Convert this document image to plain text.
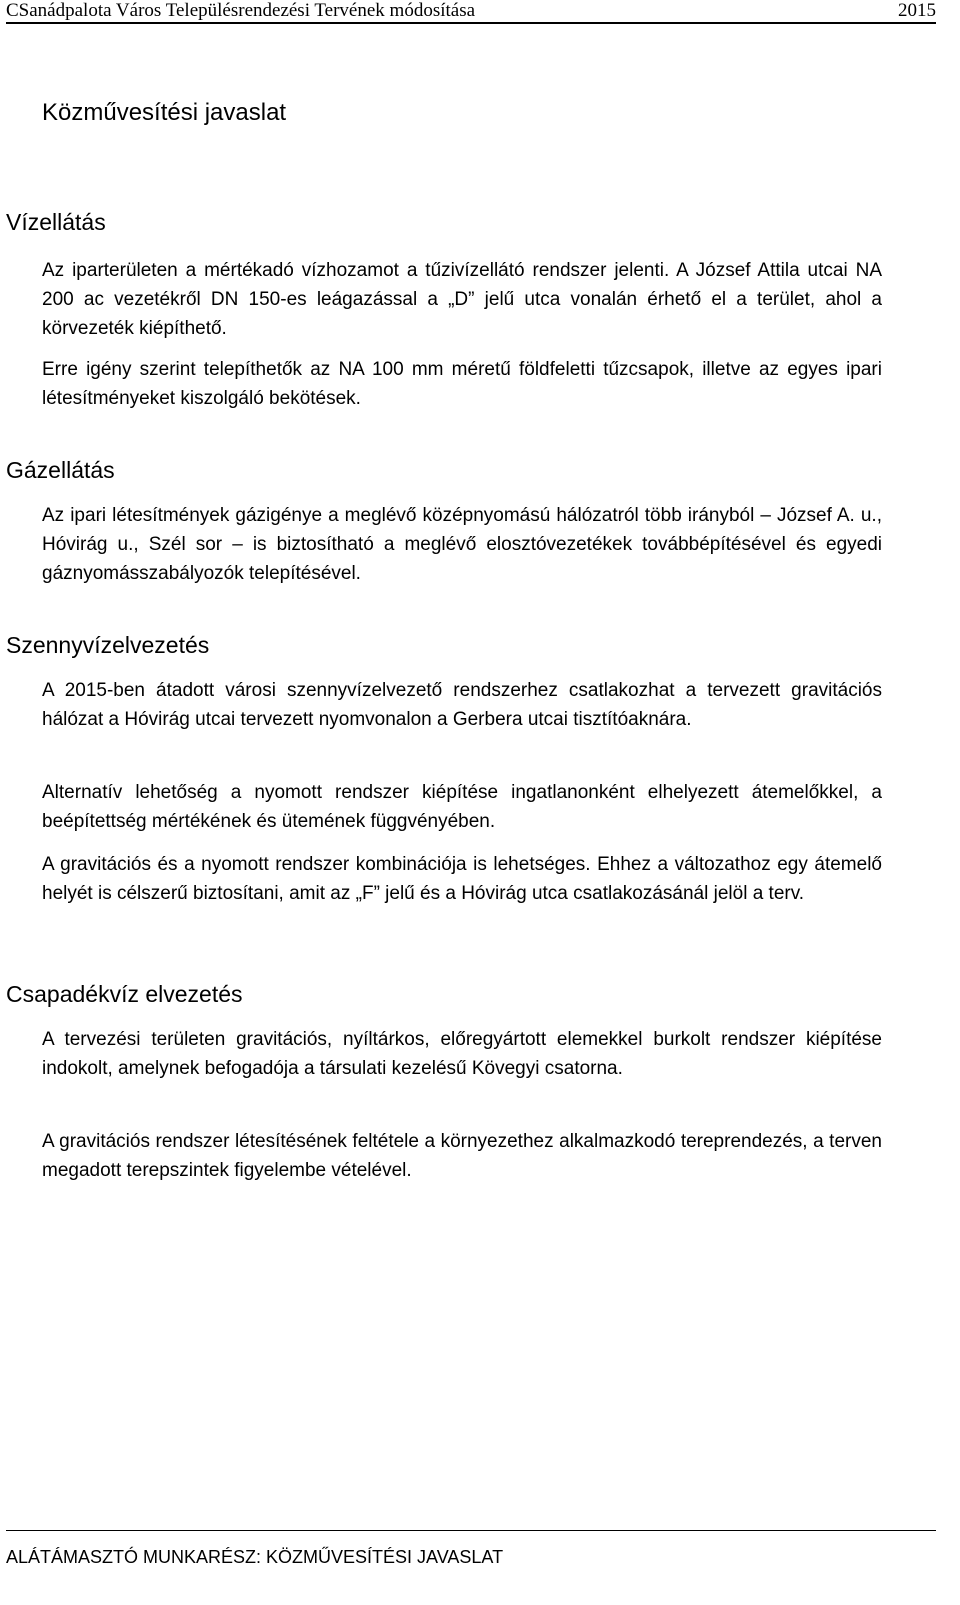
CSanádpalota Város Településrendezési Tervének módosítása	2015
Közművesítési javaslat
Vízellátás

Az iparterületen a mértékadó vízhozamot a tűzivízellátó rendszer jelenti. A József Attila utcai NA 200 ac vezetékről DN 150-es leágazással a „D” jelű utca vonalán érhető el a terület, ahol a körvezeték kiépíthető.

Erre igény szerint telepíthetők az NA 100 mm méretű földfeletti tűzcsapok, illetve az egyes ipari létesítményeket kiszolgáló bekötések.

Gázellátás

Az ipari létesítmények gázigénye a meglévő középnyomású hálózatról több irányból – József A. u., Hóvirág u., Szél sor – is biztosítható a meglévő elosztóvezetékek továbbépítésével és egyedi gáznyomásszabályozók telepítésével.

Szennyvízelvezetés

A 2015-ben átadott városi szennyvízelvezető rendszerhez csatlakozhat a tervezett gravitációs hálózat a Hóvirág utcai tervezett nyomvonalon a Gerbera utcai tisztítóaknára.

Alternatív lehetőség a nyomott rendszer kiépítése ingatlanonként elhelyezett átemelőkkel, a beépítettség mértékének és ütemének függvényében.

A gravitációs és a nyomott rendszer kombinációja is lehetséges. Ehhez a változathoz egy átemelő helyét is célszerű biztosítani, amit az „F” jelű és a Hóvirág utca csatlakozásánál jelöl a terv.

Csapadékvíz elvezetés

A tervezési területen gravitációs, nyíltárkos, előregyártott elemekkel burkolt rendszer kiépítése indokolt, amelynek befogadója a társulati kezelésű Kövegyi csatorna.

A gravitációs rendszer létesítésének feltétele a környezethez alkalmazkodó tereprendezés, a terven megadott terepszintek figyelembe vételével.

ALÁTÁMASZTÓ MUNKARÉSZ: KÖZMŰVESÍTÉSI JAVASLAT
